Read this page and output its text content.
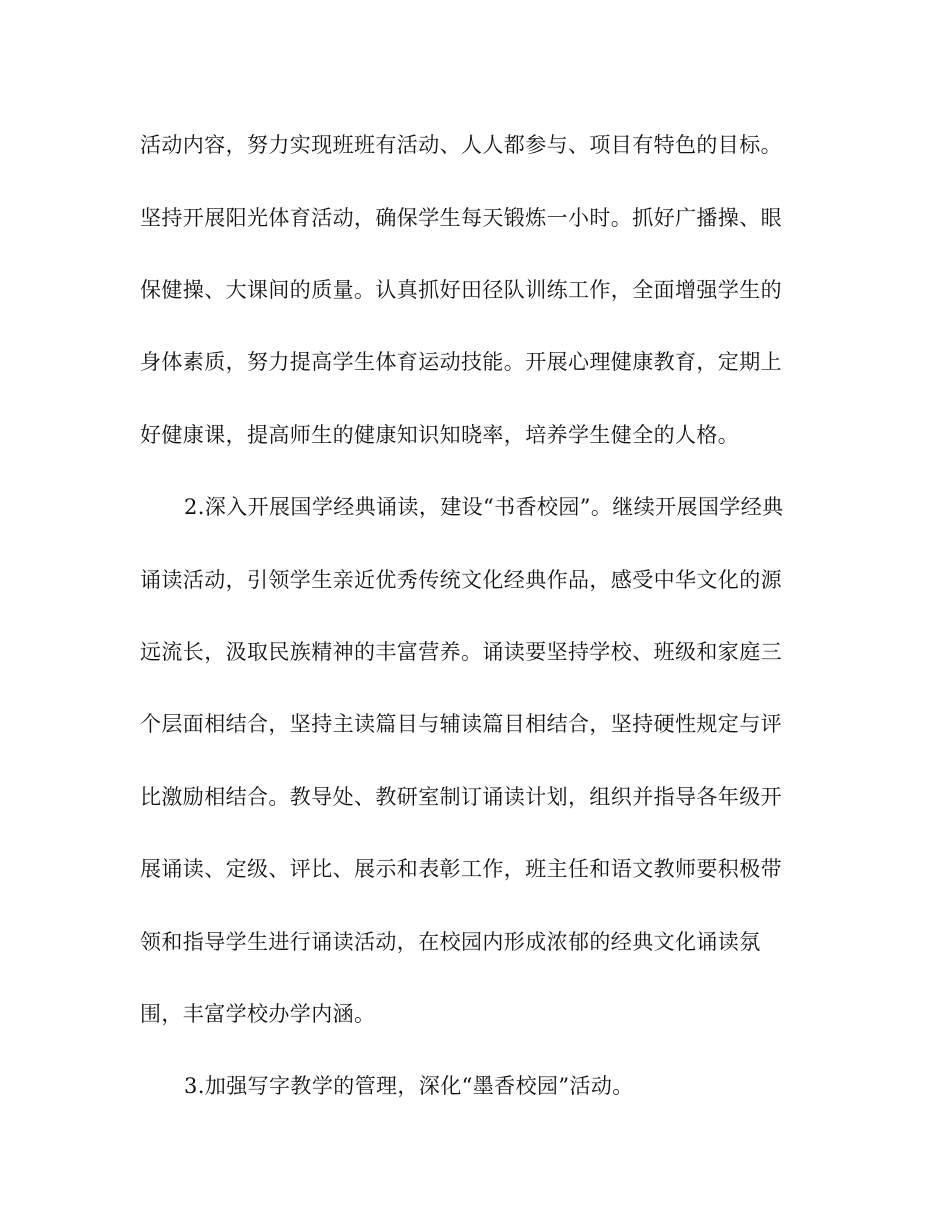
活动内容，努力实现班班有活动、人人都参与、项目有特色的目标。
坚持开展阳光体育活动，确保学生每天锻炼一小时。抓好广播操、眼
保健操、大课间的质量。认真抓好田径队训练工作，全面增强学生的
身体素质，努力提高学生体育运动技能。开展心理健康教育，定期上
好健康课，提高师生的健康知识知晓率，培养学生健全的人格。
2.深入开展国学经典诵读，建设“书香校园”。继续开展国学经典
诵读活动，引领学生亲近优秀传统文化经典作品，感受中华文化的源
远流长，汲取民族精神的丰富营养。诵读要坚持学校、班级和家庭三
个层面相结合，坚持主读篇目与辅读篇目相结合，坚持硬性规定与评
比激励相结合。教导处、教研室制订诵读计划，组织并指导各年级开
展诵读、定级、评比、展示和表彰工作，班主任和语文教师要积极带
领和指导学生进行诵读活动，在校园内形成浓郁的经典文化诵读氛
围，丰富学校办学内涵。
3.加强写字教学的管理，深化“墨香校园”活动。
